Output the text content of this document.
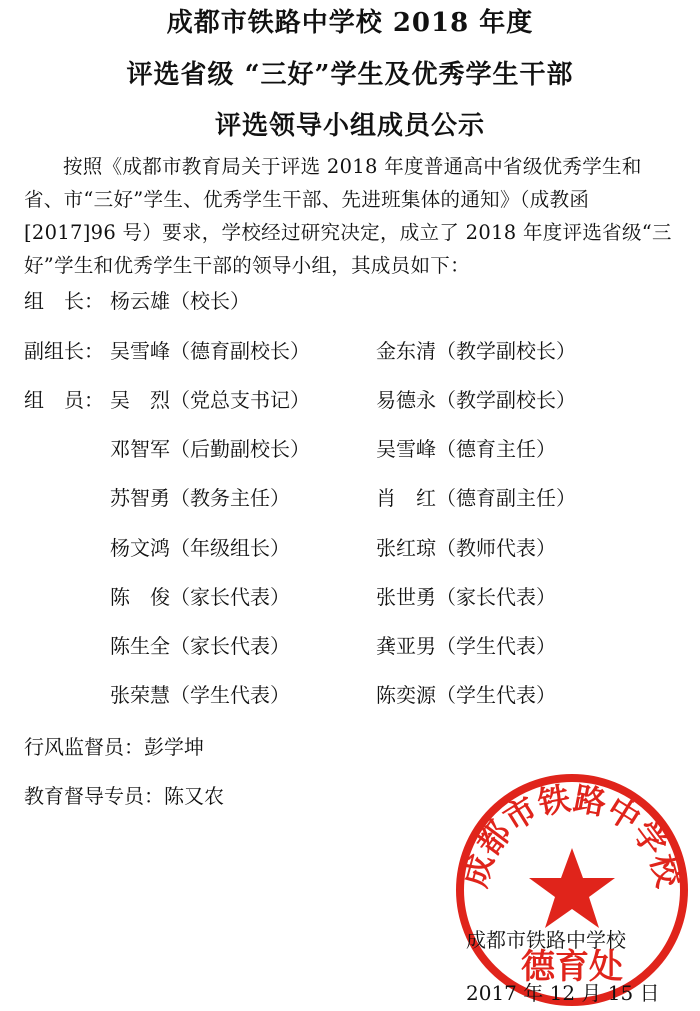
成都市铁路中学校 2018 年度
评选省级 “三好”学生及优秀学生干部
评选领导小组成员公示

按照《成都市教育局关于评选 2018 年度普通高中省级优秀学生和省、市“三好”学生、优秀学生干部、先进班集体的通知》（成教函[2017]96 号）要求，学校经过研究决定，成立了 2018 年度评选省级“三好”学生和优秀学生干部的领导小组，其成员如下：

组　长： 杨云雄（校长）
副组长： 吴雪峰（德育副校长）	金东清（教学副校长）
组　员： 吴　烈（党总支书记）	易德永（教学副校长）
邓智军（后勤副校长）	吴雪峰（德育主任）
苏智勇（教务主任）	肖　红（德育副主任）
杨文鸿（年级组长）	张红琼（教师代表）
陈　俊（家长代表）	张世勇（家长代表）
陈生全（家长代表）	龚亚男（学生代表）
张荣慧（学生代表）	陈奕源（学生代表）
行风监督员：彭学坤
教育督导专员：陈又农
成都市铁路中学校
德育处
成都市铁路中学校
2017 年 12 月 15 日
